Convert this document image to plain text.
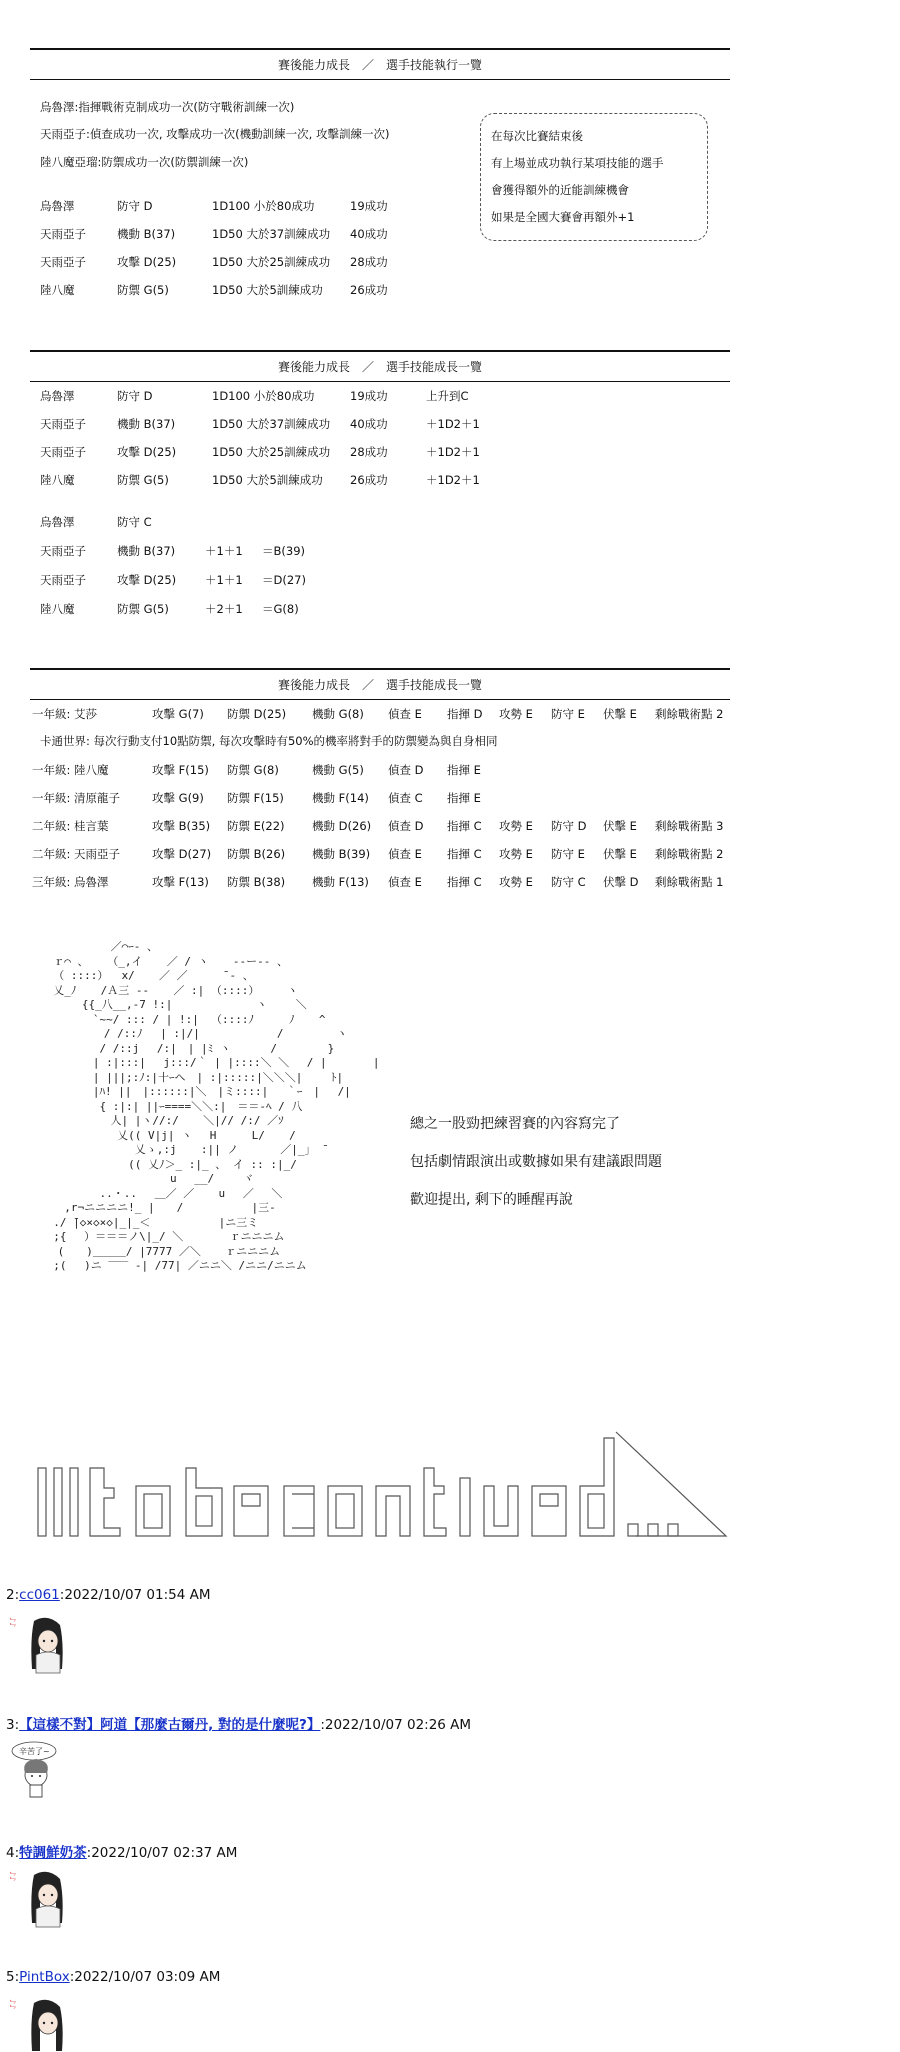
賽後能力成長　／　選手技能執行一覽
烏魯澤:指揮戰術克制成功一次(防守戰術訓練一次)
天雨亞子:偵查成功一次, 攻擊成功一次(機動訓練一次, 攻擊訓練一次)
陸八魔亞瑠:防禦成功一次(防禦訓練一次)
烏魯澤	防守 D	1D100 小於80成功	19成功
天雨亞子	機動 B(37)	1D50 大於37訓練成功 40成功
天雨亞子	攻擊 D(25)	1D50 大於25訓練成功 28成功
陸八魔	防禦 G(5)	1D50 大於5訓練成功 26成功
在每次比賽結束後
有上場並成功執行某項技能的選手
會獲得額外的近能訓練機會
如果是全國大賽會再額外+1
賽後能力成長　／　選手技能成長一覽
烏魯澤	防守 D	1D100 小於80成功	19成功	上升到C
天雨亞子	機動 B(37)	1D50 大於37訓練成功 40成功	＋1D2＋1
天雨亞子	攻擊 D(25)	1D50 大於25訓練成功 28成功	＋1D2＋1
陸八魔	防禦 G(5)	1D50 大於5訓練成功 26成功	＋1D2＋1
烏魯澤	防守 C
天雨亞子	機動 B(37)	＋1＋1 ＝B(39)
天雨亞子	攻擊 D(25)	＋1＋1 ＝D(27)
陸八魔	防禦 G(5)	＋2＋1 ＝G(8)
賽後能力成長　／　選手技能成長一覽
一年級: 艾莎	攻擊 G(7) 防禦 D(25) 機動 G(8) 偵查 E 指揮 D 攻勢 E 防守 E 伏擊 E 剩餘戰術點 2
卡通世界: 每次行動支付10點防禦, 每次攻擊時有50%的機率將對手的防禦變為與自身相同
一年級: 陸八魔	攻擊 F(15) 防禦 G(8)	機動 G(5) 偵查 D 指揮 E
一年級: 清原龍子	攻擊 G(9) 防禦 F(15) 機動 F(14) 偵查 C 指揮 E
二年級: 桂言葉	攻擊 B(35) 防禦 E(22) 機動 D(26) 偵查 D 指揮 C 攻勢 E 防守 D 伏擊 E 剩餘戰術點 3
二年級: 天雨亞子	攻擊 D(27) 防禦 B(26) 機動 B(39) 偵查 E 指揮 C 攻勢 E 防守 E 伏擊 E 剩餘戰術點 2
三年級: 烏魯澤	攻擊 F(13) 防禦 B(38) 機動 F(13) 偵查 E 指揮 C 攻勢 E 防守 C 伏擊 D 剩餘戰術點 1
　 ／⌒ｰ- 、
ｒ⌒ 、  　（_,イ 　 ／ / ヽ 　 ‐‐ー‐- 、
（ ::::）  ⅹ/ 　 ／ ／　 　 ̄ ‐ 、
乂_ﾉ 　 /Ａ三 -- 　 ／ :| （::::）　　　ヽ
　 　 {{_八__,-7 !:| 　 　 　 　  ヽ　　 ＼
　 　 　`~~/ ::: / | !:| 　（::::ﾉ　 　 ﾉ 　 ^
　 　　 　/ /::ﾉ　 | :|/|　　　　　　　/　 　 　 ヽ
　 　 　 / /::j　 /:|　| |ﾐ ヽ 　　　/　　　　 }
　 　　 | :|:::|　 j:::/｀ | |::::＼ ＼　 / |　　 　 |
　 　　 | |||;:ﾉ:|十ｰヘ　| :|:::::|＼＼＼|　　 ﾄ|
　 　 　|ﾊ! ||　|::::::|＼　|ミ::::|　 ｀ｰ　|　 /|
　 　 　 { :|:| ||ｰ====＼＼:|　＝＝-ﾍ / 八
　 　 　 　人| |ヽ//:/ 　 ＼|// /:/ ／ｿ
　 　 　 　 乂(( V|j| ヽ　 H 　　 L/ 　 /
　 　 　 　 　 乂ゝ,:j 　 :|| ノ　 　  ／|_」 ̄
　 　　 　 　 (( 乂ﾉ＞_ :|_ 、 イ :: :|_/
　 　 　 　 　 　 　 u　 __/　　 ヾ
　 　 　 ..・..　 ＿／ ／ 　 u　 ／　 ＼
　 ,r¬ニニニニ!_ |　　/ 　　　　　 |三-
./ ̄|◇×◇×◇|_|_＜ 　　　　　 |ニ三ミ
;{　 ）＝＝＝ノ\|_/ ＼ 　　　 ｒニニニム
　(　　)＿＿＿/ |7777 ／＼ 　 ｒニニニム
;(　 )ニ ‾‾‾ -| /77| ／ニニ＼ /ニニ/ニニム
總之一股勁把練習賽的內容寫完了
包括劇情跟演出或數據如果有建議跟問題
歡迎提出, 剩下的睡醒再說
2:cc061:2022/10/07 01:54 AM
♪♪
3:【這樣不對】阿道【那麼古爾丹, 對的是什麼呢?】:2022/10/07 02:26 AM
辛苦了~
4:特調鮮奶茶:2022/10/07 02:37 AM
♪♪
5:PintBox:2022/10/07 03:09 AM
♪♪
